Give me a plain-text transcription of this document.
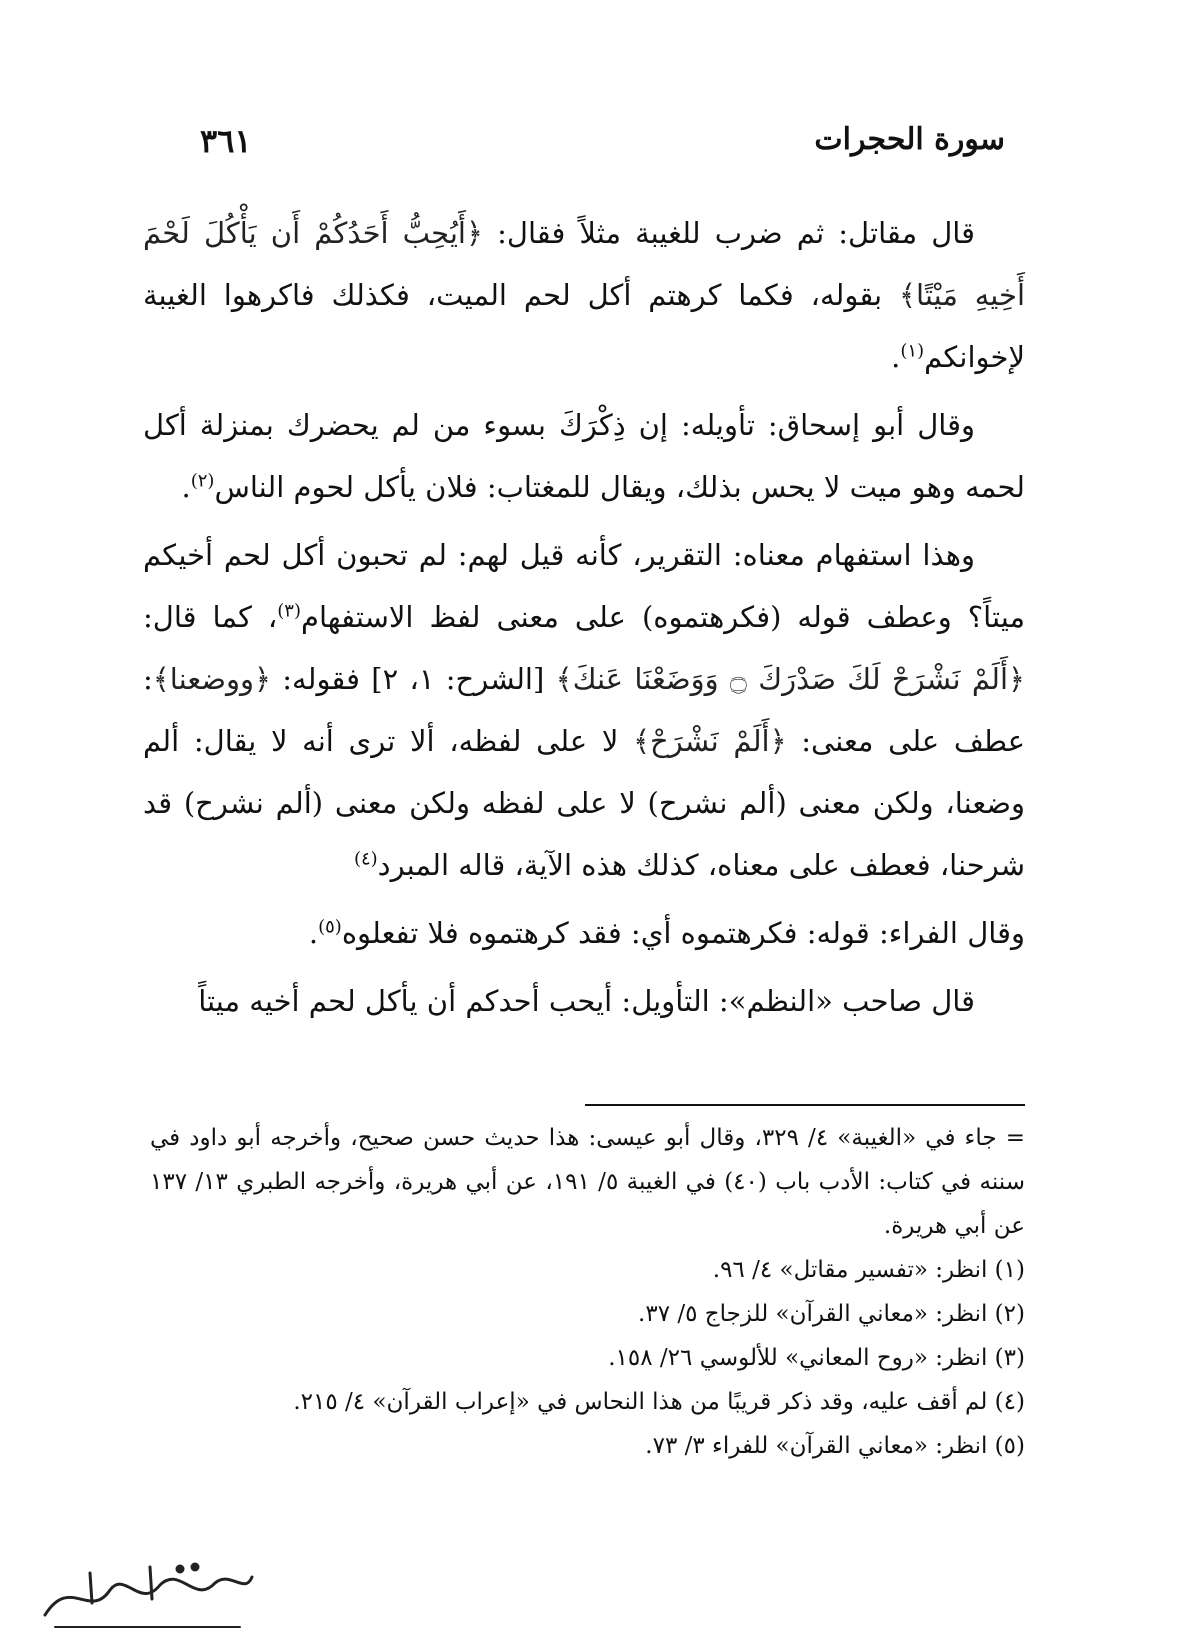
سورة الحجرات
٣٦١

قال مقاتل: ثم ضرب للغيبة مثلاً فقال: ﴿أَيُحِبُّ أَحَدُكُمْ أَن يَأْكُلَ لَحْمَ أَخِيهِ مَيْتًا﴾ بقوله، فكما كرهتم أكل لحم الميت، فكذلك فاكرهوا الغيبة لإخوانكم$^{(١)}$.

وقال أبو إسحاق: تأويله: إن ذِكْرَكَ بسوء من لم يحضرك بمنزلة أكل لحمه وهو ميت لا يحس بذلك، ويقال للمغتاب: فلان يأكل لحوم الناس$^{(٢)}$.

وهذا استفهام معناه: التقرير، كأنه قيل لهم: لم تحبون أكل لحم أخيكم ميتاً؟ وعطف قوله (فكرهتموه) على معنى لفظ الاستفهام$^{(٣)}$، كما قال: ﴿أَلَمْ نَشْرَحْ لَكَ صَدْرَكَ ۝ وَوَضَعْنَا عَنكَ﴾ [الشرح: ١، ٢] فقوله: ﴿ووضعنا﴾: عطف على معنى: ﴿أَلَمْ نَشْرَحْ﴾ لا على لفظه، ألا ترى أنه لا يقال: ألم وضعنا، ولكن معنى (ألم نشرح) لا على لفظه ولكن معنى (ألم نشرح) قد شرحنا، فعطف على معناه، كذلك هذه الآية، قاله المبرد$^{(٤)}$

وقال الفراء: قوله: فكرهتموه أي: فقد كرهتموه فلا تفعلوه$^{(٥)}$.

قال صاحب «النظم»: التأويل: أيحب أحدكم أن يأكل لحم أخيه ميتاً

= جاء في «الغيبة» ٤/ ٣٢٩، وقال أبو عيسى: هذا حديث حسن صحيح، وأخرجه أبو داود في سننه في كتاب: الأدب باب (٤٠) في الغيبة ٥/ ١٩١، عن أبي هريرة، وأخرجه الطبري ١٣/ ١٣٧ عن أبي هريرة.

(١) انظر: «تفسير مقاتل» ٤/ ٩٦.

(٢) انظر: «معاني القرآن» للزجاج ٥/ ٣٧.

(٣) انظر: «روح المعاني» للألوسي ٢٦/ ١٥٨.

(٤) لم أقف عليه، وقد ذكر قريبًا من هذا النحاس في «إعراب القرآن» ٤/ ٢١٥.

(٥) انظر: «معاني القرآن» للفراء ٣/ ٧٣.
